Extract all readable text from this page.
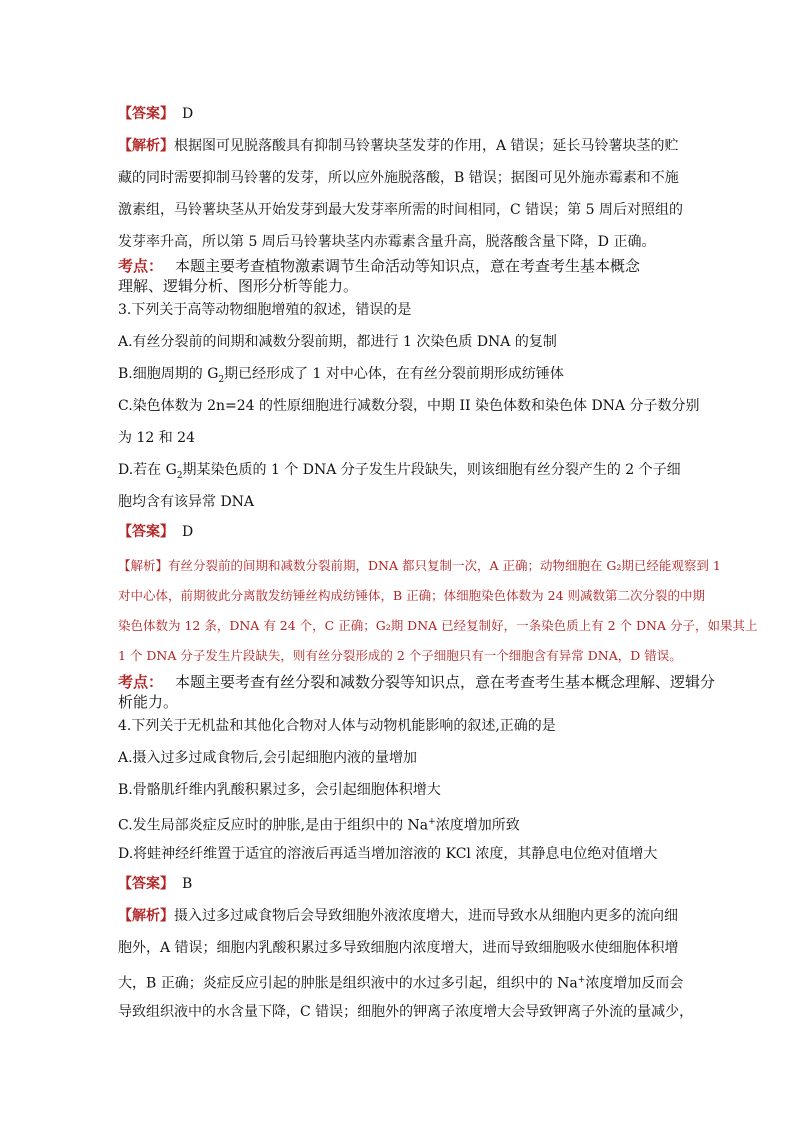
【答案】 D
【解析】根据图可见脱落酸具有抑制马铃薯块茎发芽的作用，A 错误；延长马铃薯块茎的贮
藏的同时需要抑制马铃薯的发芽，所以应外施脱落酸，B 错误；据图可见外施赤霉素和不施
激素组，马铃薯块茎从开始发芽到最大发芽率所需的时间相同，C 错误；第 5 周后对照组的
发芽率升高，所以第 5 周后马铃薯块茎内赤霉素含量升高，脱落酸含量下降，D 正确。
考点： 本题主要考查植物激素调节生命活动等知识点，意在考查考生基本概念
理解、逻辑分析、图形分析等能力。
3.下列关于高等动物细胞增殖的叙述，错误的是
A.有丝分裂前的间期和减数分裂前期，都进行 1 次染色质 DNA 的复制
B.细胞周期的 $G_2$期已经形成了 1 对中心体，在有丝分裂前期形成纺锤体
C.染色体数为 2n=24 的性原细胞进行减数分裂，中期 II 染色体数和染色体 DNA 分子数分别
为 12 和 24
D.若在 $G_2$期某染色质的 1 个 DNA 分子发生片段缺失，则该细胞有丝分裂产生的 2 个子细
胞均含有该异常 DNA
【答案】 D
【解析】有丝分裂前的间期和减数分裂前期，DNA 都只复制一次，A 正确；动物细胞在 G₂期已经能观察到 1
对中心体，前期彼此分离散发纺锤丝构成纺锤体，B 正确；体细胞染色体数为 24 则减数第二次分裂的中期
染色体数为 12 条，DNA 有 24 个，C 正确；G₂期 DNA 已经复制好，一条染色质上有 2 个 DNA 分子，如果其上
1 个 DNA 分子发生片段缺失，则有丝分裂形成的 2 个子细胞只有一个细胞含有异常 DNA，D 错误。
考点： 本题主要考查有丝分裂和减数分裂等知识点，意在考查考生基本概念理解、逻辑分
析能力。
4.下列关于无机盐和其他化合物对人体与动物机能影响的叙述,正确的是
A.摄入过多过咸食物后,会引起细胞内液的量增加
B.骨骼肌纤维内乳酸积累过多，会引起细胞体积增大
C.发生局部炎症反应时的肿胀,是由于组织中的 Na+浓度增加所致
D.将蛙神经纤维置于适宜的溶液后再适当增加溶液的 KCl 浓度，其静息电位绝对值增大
【答案】 B
【解析】摄入过多过咸食物后会导致细胞外液浓度增大，进而导致水从细胞内更多的流向细
胞外，A 错误；细胞内乳酸积累过多导致细胞内浓度增大，进而导致细胞吸水使细胞体积增
大，B 正确；炎症反应引起的肿胀是组织液中的水过多引起，组织中的 Na+浓度增加反而会
导致组织液中的水含量下降，C 错误；细胞外的钾离子浓度增大会导致钾离子外流的量减少，
